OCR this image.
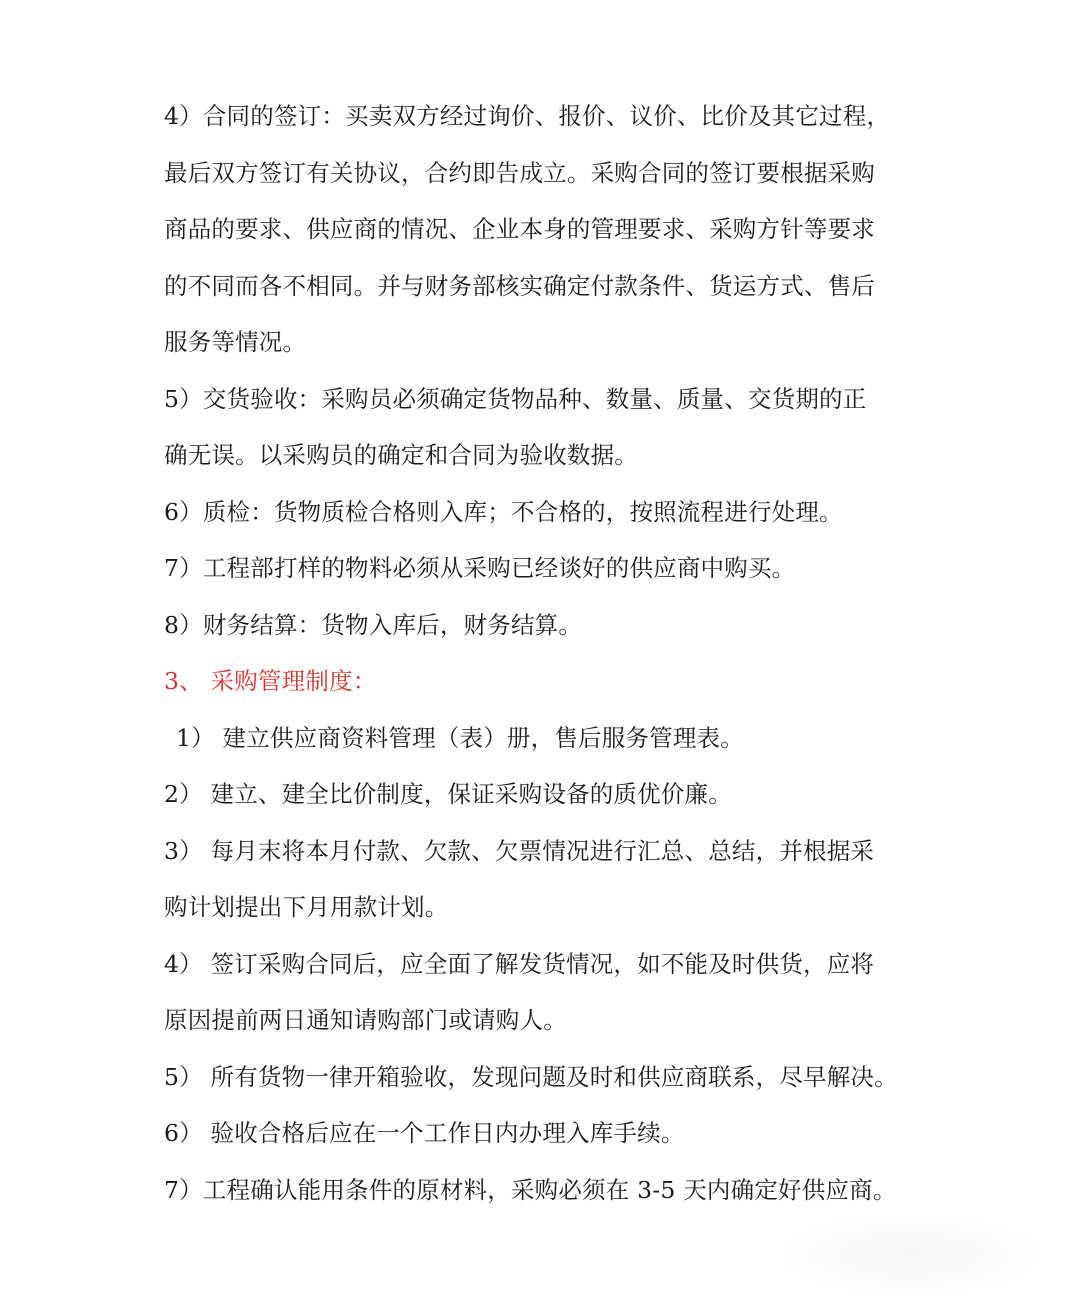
4）合同的签订：买卖双方经过询价、报价、议价、比价及其它过程，
最后双方签订有关协议，合约即告成立。采购合同的签订要根据采购
商品的要求、供应商的情况、企业本身的管理要求、采购方针等要求
的不同而各不相同。并与财务部核实确定付款条件、货运方式、售后
服务等情况。
5）交货验收：采购员必须确定货物品种、数量、质量、交货期的正
确无误。以采购员的确定和合同为验收数据。
6）质检：货物质检合格则入库；不合格的，按照流程进行处理。
7）工程部打样的物料必须从采购已经谈好的供应商中购买。
8）财务结算：货物入库后，财务结算。
3、 采购管理制度：
1） 建立供应商资料管理（表）册，售后服务管理表。
2） 建立、建全比价制度，保证采购设备的质优价廉。
3） 每月末将本月付款、欠款、欠票情况进行汇总、总结，并根据采
购计划提出下月用款计划。
4） 签订采购合同后，应全面了解发货情况，如不能及时供货，应将
原因提前两日通知请购部门或请购人。
5） 所有货物一律开箱验收，发现问题及时和供应商联系，尽早解决。
6） 验收合格后应在一个工作日内办理入库手续。
7）工程确认能用条件的原材料，采购必须在 3-5 天内确定好供应商。
